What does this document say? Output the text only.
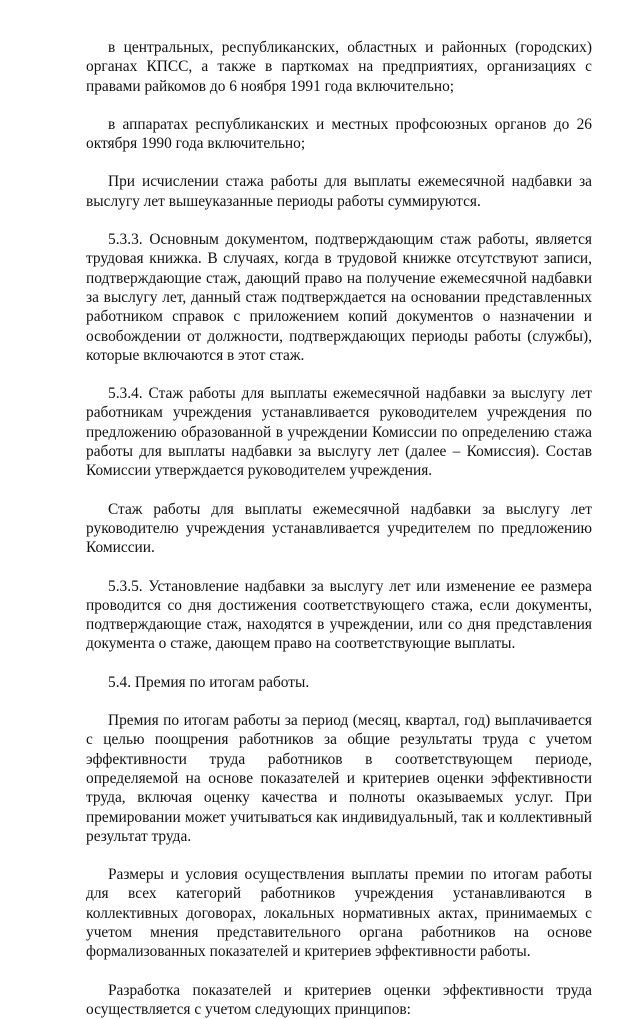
в центральных, республиканских, областных и районных (городских) органах КПСС, а также в парткомах на предприятиях, организациях с правами райкомов до 6 ноября 1991 года включительно;

в аппаратах республиканских и местных профсоюзных органов до 26 октября 1990 года включительно;

При исчислении стажа работы для выплаты ежемесячной надбавки за выслугу лет вышеуказанные периоды работы суммируются.

5.3.3. Основным документом, подтверждающим стаж работы, является трудовая книжка. В случаях, когда в трудовой книжке отсутствуют записи, подтверждающие стаж, дающий право на получение ежемесячной надбавки за выслугу лет, данный стаж подтверждается на основании представленных работником справок с приложением копий документов о назначении и освобождении от должности, подтверждающих периоды работы (службы), которые включаются в этот стаж.

5.3.4. Стаж работы для выплаты ежемесячной надбавки за выслугу лет работникам учреждения устанавливается руководителем учреждения по предложению образованной в учреждении Комиссии по определению стажа работы для выплаты надбавки за выслугу лет (далее – Комиссия). Состав Комиссии утверждается руководителем учреждения.

Стаж работы для выплаты ежемесячной надбавки за выслугу лет руководителю учреждения устанавливается учредителем по предложению Комиссии.

5.3.5. Установление надбавки за выслугу лет или изменение ее размера проводится со дня достижения соответствующего стажа, если документы, подтверждающие стаж, находятся в учреждении, или со дня представления документа о стаже, дающем право на соответствующие выплаты.

5.4. Премия по итогам работы.

Премия по итогам работы за период (месяц, квартал, год) выплачивается с целью поощрения работников за общие результаты труда с учетом эффективности труда работников в соответствующем периоде, определяемой на основе показателей и критериев оценки эффективности труда, включая оценку качества и полноты оказываемых услуг. При премировании может учитываться как индивидуальный, так и коллективный результат труда.

Размеры и условия осуществления выплаты премии по итогам работы для всех категорий работников учреждения устанавливаются в коллективных договорах, локальных нормативных актах, принимаемых с учетом мнения представительного органа работников на основе формализованных показателей и критериев эффективности работы.

Разработка показателей и критериев оценки эффективности труда осуществляется с учетом следующих принципов:
